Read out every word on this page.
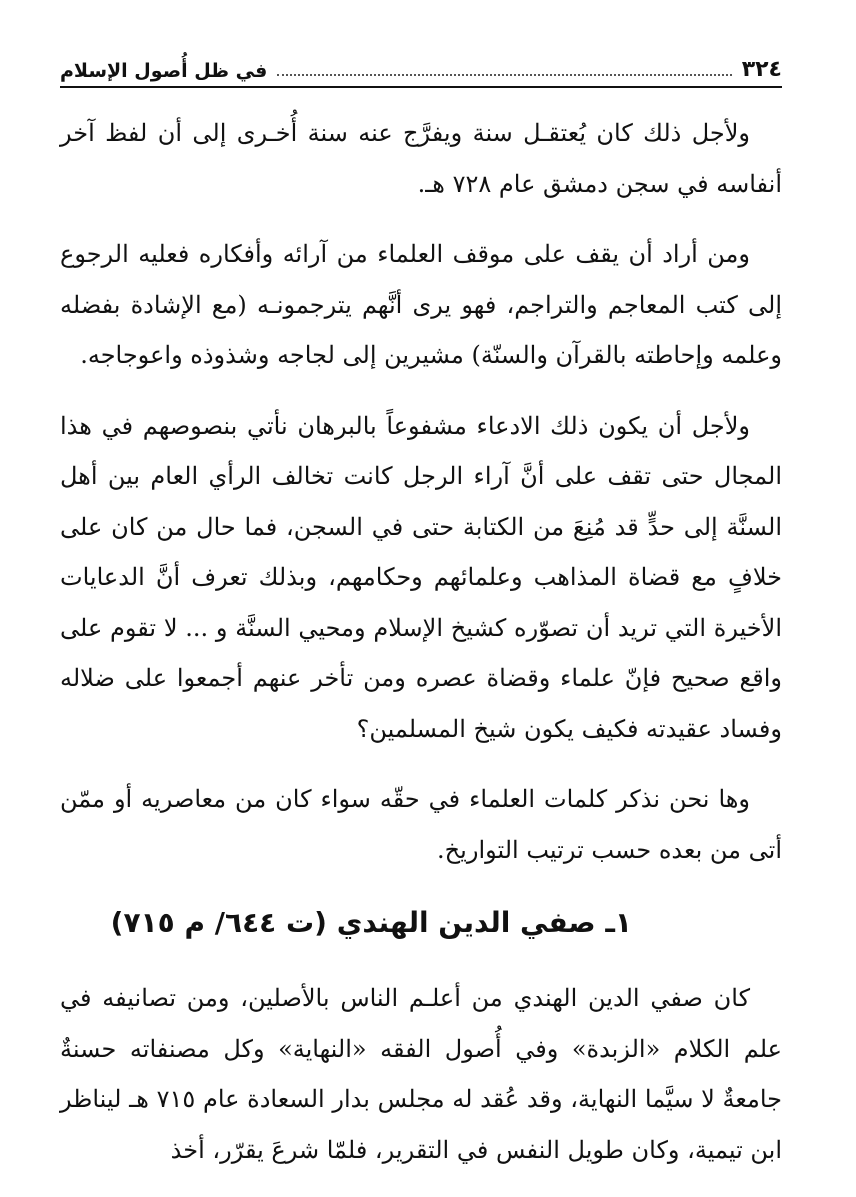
٣٢٤
في ظل أُصول الإسلام

ولأجل ذلك كان يُعتقـل سنة ويفرَّج عنه سنة أُخـرى إلى أن لفظ آخر أنفاسه في سجن دمشق عام ٧٢٨ هـ.

ومن أراد أن يقف على موقف العلماء من آرائه وأفكاره فعليه الرجوع إلى كتب المعاجم والتراجم، فهو يرى أنَّهم يترجمونـه (مع الإشادة بفضله وعلمه وإحاطته بالقرآن والسنّة) مشيرين إلى لجاجه وشذوذه واعوجاجه.

ولأجل أن يكون ذلك الادعاء مشفوعاً بالبرهان نأتي بنصوصهم في هذا المجال حتى تقف على أنَّ آراء الرجل كانت تخالف الرأي العام بين أهل السنَّة إلى حدٍّ قد مُنِعَ من الكتابة حتى في السجن، فما حال من كان على خلافٍ مع قضاة المذاهب وعلمائهم وحكامهم، وبذلك تعرف أنَّ الدعايات الأخيرة التي تريد أن تصوّره كشيخ الإسلام ومحيي السنَّة و ... لا تقوم على واقع صحيح فإنّ علماء وقضاة عصره ومن تأخر عنهم أجمعوا على ضلاله وفساد عقيدته فكيف يكون شيخ المسلمين؟

وها نحن نذكر كلمات العلماء في حقّه سواء كان من معاصريه أو ممّن أتى من بعده حسب ترتيب التواريخ.

١ـ صفي الدين الهندي (ت ٦٤٤/ م ٧١٥)

كان صفي الدين الهندي من أعلـم الناس بالأصلين، ومن تصانيفه في علم الكلام «الزبدة» وفي أُصول الفقه «النهاية» وكل مصنفاته حسنةٌ جامعةٌ لا سيَّما النهاية، وقد عُقد له مجلس بدار السعادة عام ٧١٥ هـ ليناظر ابن تيمية، وكان طويل النفس في التقرير، فلمّا شرعَ يقرّر، أخذ
